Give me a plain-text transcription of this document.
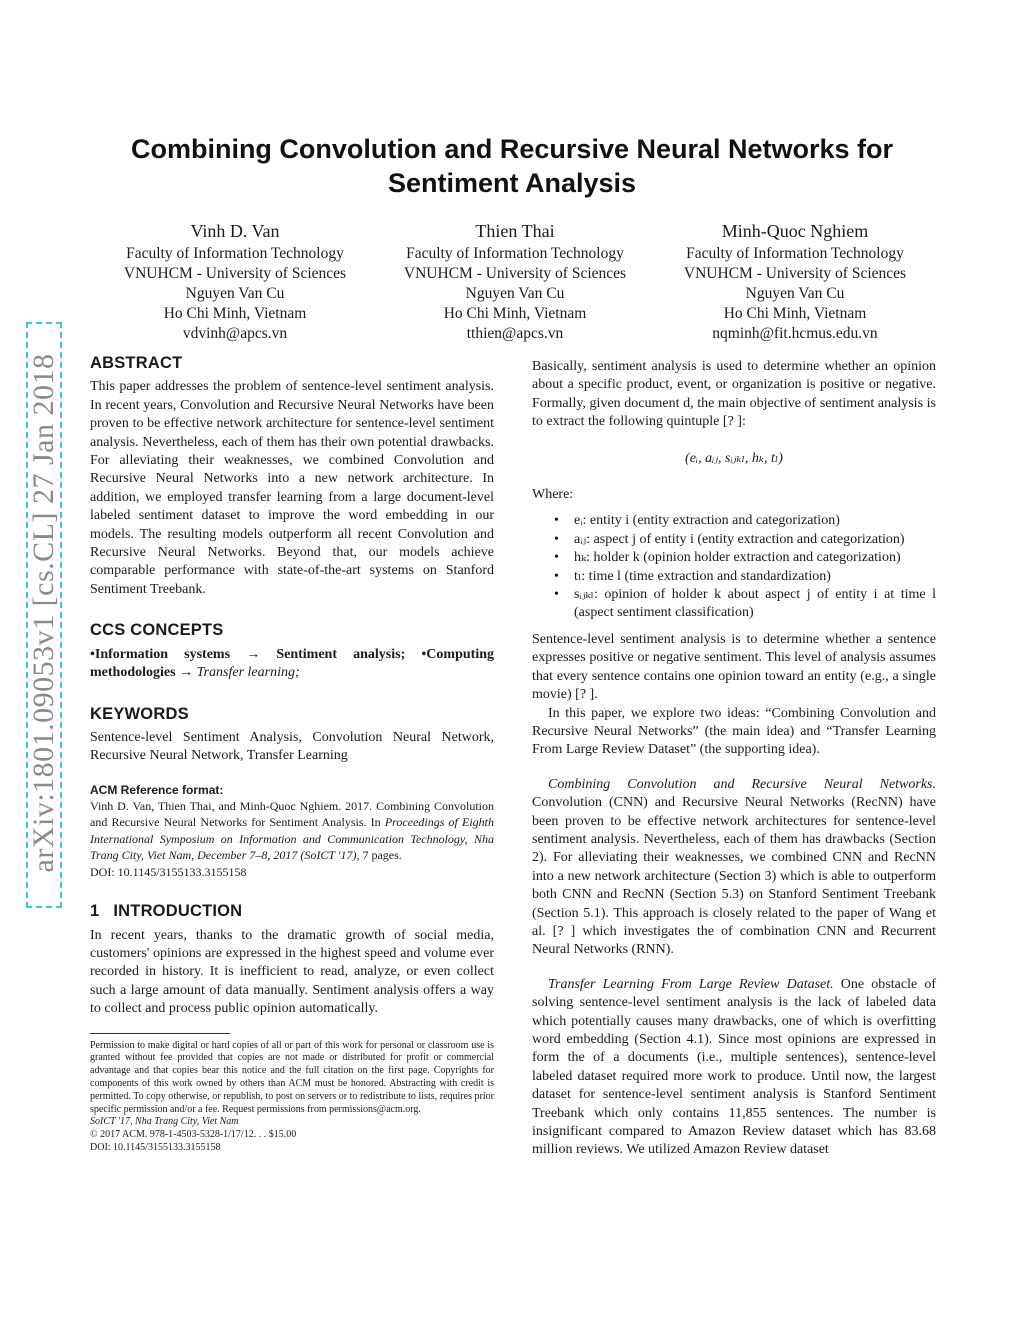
arXiv:1801.09053v1 [cs.CL] 27 Jan 2018
Combining Convolution and Recursive Neural Networks for
Sentiment Analysis
Vinh D. Van
Faculty of Information Technology
VNUHCM - University of Sciences
Nguyen Van Cu
Ho Chi Minh, Vietnam
vdvinh@apcs.vn
Thien Thai
Faculty of Information Technology
VNUHCM - University of Sciences
Nguyen Van Cu
Ho Chi Minh, Vietnam
tthien@apcs.vn
Minh-Quoc Nghiem
Faculty of Information Technology
VNUHCM - University of Sciences
Nguyen Van Cu
Ho Chi Minh, Vietnam
nqminh@fit.hcmus.edu.vn
ABSTRACT

This paper addresses the problem of sentence-level sentiment analysis. In recent years, Convolution and Recursive Neural Networks have been proven to be effective network architecture for sentence-level sentiment analysis. Nevertheless, each of them has their own potential drawbacks. For alleviating their weaknesses, we combined Convolution and Recursive Neural Networks into a new network architecture. In addition, we employed transfer learning from a large document-level labeled sentiment dataset to improve the word embedding in our models. The resulting models outperform all recent Convolution and Recursive Neural Networks. Beyond that, our models achieve comparable performance with state-of-the-art systems on Stanford Sentiment Treebank.

CCS CONCEPTS

•Information systems → Sentiment analysis; •Computing methodologies → Transfer learning;

KEYWORDS

Sentence-level Sentiment Analysis, Convolution Neural Network, Recursive Neural Network, Transfer Learning

ACM Reference format:

Vinh D. Van, Thien Thai, and Minh-Quoc Nghiem. 2017. Combining Convolution and Recursive Neural Networks for Sentiment Analysis. In Proceedings of Eighth International Symposium on Information and Communication Technology, Nha Trang City, Viet Nam, December 7–8, 2017 (SoICT '17), 7 pages.

DOI: 10.1145/3155133.3155158

1 INTRODUCTION

In recent years, thanks to the dramatic growth of social media, customers' opinions are expressed in the highest speed and volume ever recorded in history. It is inefficient to read, analyze, or even collect such a large amount of data manually. Sentiment analysis offers a way to collect and process public opinion automatically.

Permission to make digital or hard copies of all or part of this work for personal or classroom use is granted without fee provided that copies are not made or distributed for profit or commercial advantage and that copies bear this notice and the full citation on the first page. Copyrights for components of this work owned by others than ACM must be honored. Abstracting with credit is permitted. To copy otherwise, or republish, to post on servers or to redistribute to lists, requires prior specific permission and/or a fee. Request permissions from permissions@acm.org.

SoICT '17, Nha Trang City, Viet Nam

© 2017 ACM. 978-1-4503-5328-1/17/12. . . $15.00

DOI: 10.1145/3155133.3155158

Basically, sentiment analysis is used to determine whether an opinion about a specific product, event, or organization is positive or negative. Formally, given document d, the main objective of sentiment analysis is to extract the following quintuple [? ]:

(eᵢ, aᵢⱼ, sᵢⱼₖₗ, hₖ, tₗ)

Where:

• eᵢ: entity i (entity extraction and categorization)
• aᵢⱼ: aspect j of entity i (entity extraction and categorization)
• hₖ: holder k (opinion holder extraction and categorization)
• tₗ: time l (time extraction and standardization)
• sᵢⱼₖₗ: opinion of holder k about aspect j of entity i at time l (aspect sentiment classification)

Sentence-level sentiment analysis is to determine whether a sentence expresses positive or negative sentiment. This level of analysis assumes that every sentence contains one opinion toward an entity (e.g., a single movie) [? ].

In this paper, we explore two ideas: “Combining Convolution and Recursive Neural Networks” (the main idea) and “Transfer Learning From Large Review Dataset” (the supporting idea).

Combining Convolution and Recursive Neural Networks. Convolution (CNN) and Recursive Neural Networks (RecNN) have been proven to be effective network architectures for sentence-level sentiment analysis. Nevertheless, each of them has drawbacks (Section 2). For alleviating their weaknesses, we combined CNN and RecNN into a new network architecture (Section 3) which is able to outperform both CNN and RecNN (Section 5.3) on Stanford Sentiment Treebank (Section 5.1). This approach is closely related to the paper of Wang et al. [? ] which investigates the of combination CNN and Recurrent Neural Networks (RNN).

Transfer Learning From Large Review Dataset. One obstacle of solving sentence-level sentiment analysis is the lack of labeled data which potentially causes many drawbacks, one of which is overfitting word embedding (Section 4.1). Since most opinions are expressed in form the of a documents (i.e., multiple sentences), sentence-level labeled dataset required more work to produce. Until now, the largest dataset for sentence-level sentiment analysis is Stanford Sentiment Treebank which only contains 11,855 sentences. The number is insignificant compared to Amazon Review dataset which has 83.68 million reviews. We utilized Amazon Review dataset
